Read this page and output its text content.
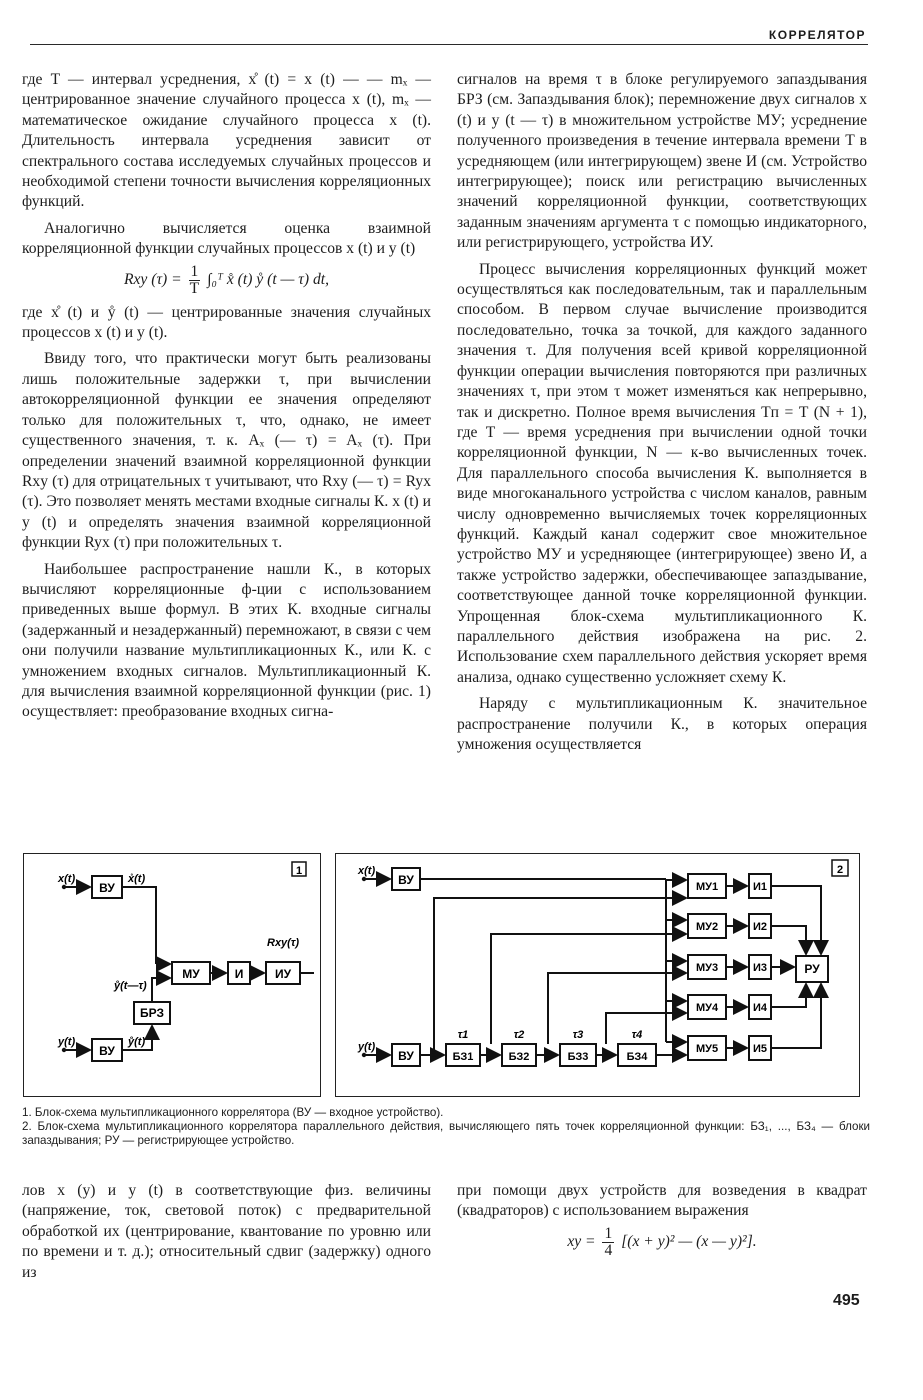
КОРРЕЛЯТОР

где T — интервал усреднения, x̊ (t) = x (t) — — mₓ — центрированное значение случайного процесса x (t), mₓ — математическое ожидание случайного процесса x (t). Длительность интервала усреднения зависит от спектрального состава исследуемых случайных процессов и необходимой степени точности вычисления корреляционных функций.

Аналогично вычисляется оценка взаимной корреляционной функции случайных процессов x (t) и y (t)

Rxy $(\tau) = \frac{1}{T}$ ∫₀ᵀ x̊ (t) ẙ (t — τ) dt,

где x̊ (t) и ẙ (t) — центрированные значения случайных процессов x (t) и y (t).

Ввиду того, что практически могут быть реализованы лишь положительные задержки τ, при вычислении автокорреляционной функции ее значения определяют только для положительных τ, что, однако, не имеет существенного значения, т. к. Aₓ (— τ) = Aₓ (τ). При определении значений взаимной корреляционной функции Rxy (τ) для отрицательных τ учитывают, что Rxy (— τ) = Ryx (τ). Это позволяет менять местами входные сигналы К. x (t) и y (t) и определять значения взаимной корреляционной функции Ryx (τ) при положительных τ.

Наибольшее распространение нашли К., в которых вычисляют корреляционные ф-ции с использованием приведенных выше формул. В этих К. входные сигналы (задержанный и незадержанный) перемножают, в связи с чем они получили название мультипликационных К., или К. с умножением входных сигналов. Мультипликационный К. для вычисления взаимной корреляционной функции (рис. 1) осуществляет: преобразование входных сигна-

сигналов на время τ в блоке регулируемого запаздывания БРЗ (см. Запаздывания блок); перемножение двух сигналов x (t) и y (t — τ) в множительном устройстве МУ; усреднение полученного произведения в течение интервала времени T в усредняющем (или интегрирующем) звене И (см. Устройство интегрирующее); поиск или регистрацию вычисленных значений корреляционной функции, соответствующих заданным значениям аргумента τ с помощью индикаторного, или регистрирующего, устройства ИУ.

Процесс вычисления корреляционных функций может осуществляться как последовательным, так и параллельным способом. В первом случае вычисление производится последовательно, точка за точкой, для каждого заданного значения τ. Для получения всей кривой корреляционной функции операции вычисления повторяются при различных значениях τ, при этом τ может изменяться как непрерывно, так и дискретно. Полное время вычисления Tп = T (N + 1), где T — время усреднения при вычислении одной точки корреляционной функции, N — к-во вычисленных точек. Для параллельного способа вычисления К. выполняется в виде многоканального устройства с числом каналов, равным числу одновременно вычисляемых точек корреляционных функций. Каждый канал содержит свое множительное устройство МУ и усредняющее (интегрирующее) звено И, а также устройство задержки, обеспечивающее запаздывание, соответствующее данной точке корреляционной функции. Упрощенная блок-схема мультипликационного К. параллельного действия изображена на рис. 2. Использование схем параллельного действия ускоряет время анализа, однако существенно усложняет схему К.

Наряду с мультипликационным К. значительное распространение получили К., в которых операция умножения осуществляется

1
ВУ
ВУ
БРЗ
МУ	И	ИУ
x(t)
y(t)
x̊(t)
ẙ(t)
ẙ(t—τ)
Rxy(τ)
2
x(t)
y(t)
ВУ
ВУ
РУ
БЗ1	БЗ2	БЗ3	БЗ4
τ1	τ2	τ3	τ4
МУ1
МУ2
МУ3
МУ4
МУ5
И1
И2
И3
И4
И5

1. Блок-схема мультипликационного коррелятора (ВУ — входное устройство).

2. Блок-схема мультипликационного коррелятора параллельного действия, вычисляющего пять точек корреляционной функции: БЗ₁, ..., БЗ₄ — блоки запаздывания; РУ — регистрирующее устройство.

лов x (y) и y (t) в соответствующие физ. величины (напряжение, ток, световой поток) с предварительной обработкой их (центрирование, квантование по уровню или по времени и т. д.); относительный сдвиг (задержку) одного из

при помощи двух устройств для возведения в квадрат (квадраторов) с использованием выражения

xy = $\frac{1}{4} [(x + y)^2$ — (x — y)²].
495
